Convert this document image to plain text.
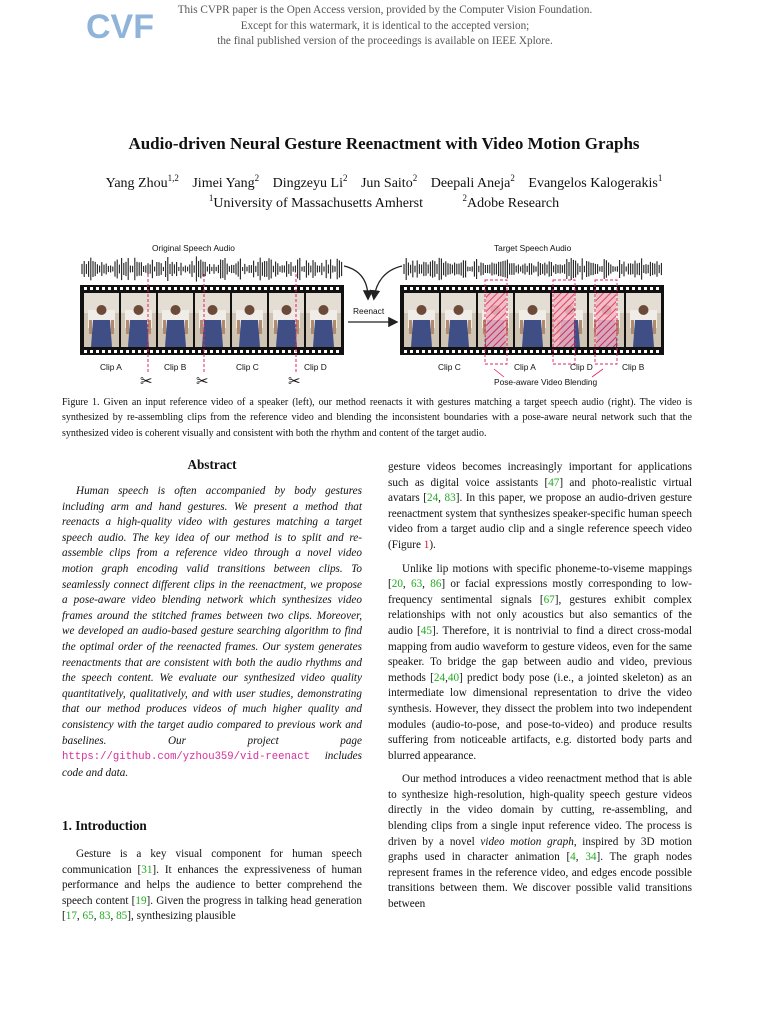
CVF	This CVPR paper is the Open Access version, provided by the Computer Vision Foundation.
Except for this watermark, it is identical to the accepted version;
the final published version of the proceedings is available on IEEE Xplore.
Audio-driven Neural Gesture Reenactment with Video Motion Graphs
Yang Zhou$^{1,2}$ Jimei Yang$^2$ Dingzeyu Li$^2$ Jun Saito$^2$ Deepali Aneja$^2$ Evangelos Kalogerakis$^1$
$^1$University of Massachusetts Amherst	$^2$Adobe Research
Original Speech Audio	Target Speech Audio
Reenact
Clip A	Clip B	Clip C	Clip D	Clip C	Clip A	Clip D	Clip B
✂	✂	✂	Pose-aware Video Blending
Figure 1. Given an input reference video of a speaker (left), our method reenacts it with gestures matching a target speech audio (right). The video is synthesized by re-assembling clips from the reference video and blending the inconsistent boundaries with a pose-aware neural network such that the synthesized video is coherent visually and consistent with both the rhythm and content of the target audio.
Abstract

Human speech is often accompanied by body gestures including arm and hand gestures. We present a method that reenacts a high-quality video with gestures matching a target speech audio. The key idea of our method is to split and re-assemble clips from a reference video through a novel video motion graph encoding valid transitions between clips. To seamlessly connect different clips in the reenactment, we propose a pose-aware video blending network which synthesizes video frames around the stitched frames between two clips. Moreover, we developed an audio-based gesture searching algorithm to find the optimal order of the reenacted frames. Our system generates reenactments that are consistent with both the audio rhythms and the speech content. We evaluate our synthesized video quality quantitatively, qualitatively, and with user studies, demonstrating that our method produces videos of much higher quality and consistency with the target audio compared to previous work and baselines. Our project page https://github.com/yzhou359/vid-reenact includes code and data.

1. Introduction

Gesture is a key visual component for human speech communication [31]. It enhances the expressiveness of human performance and helps the audience to better comprehend the speech content [19]. Given the progress in talking head generation [17, 65, 83, 85], synthesizing plausible

gesture videos becomes increasingly important for applications such as digital voice assistants [47] and photo-realistic virtual avatars [24, 83]. In this paper, we propose an audio-driven gesture reenactment system that synthesizes speaker-specific human speech video from a target audio clip and a single reference speech video (Figure 1).

Unlike lip motions with specific phoneme-to-viseme mappings [20, 63, 86] or facial expressions mostly corresponding to low-frequency sentimental signals [67], gestures exhibit complex relationships with not only acoustics but also semantics of the audio [45]. Therefore, it is nontrivial to find a direct cross-modal mapping from audio waveform to gesture videos, even for the same speaker. To bridge the gap between audio and video, previous methods [24,40] predict body pose (i.e., a jointed skeleton) as an intermediate low dimensional representation to drive the video synthesis. However, they dissect the problem into two independent modules (audio-to-pose, and pose-to-video) and produce results suffering from noticeable artifacts, e.g. distorted body parts and blurred appearance.

Our method introduces a video reenactment method that is able to synthesize high-resolution, high-quality speech gesture videos directly in the video domain by cutting, re-assembling, and blending clips from a single input reference video. The process is driven by a novel video motion graph, inspired by 3D motion graphs used in character animation [4, 34]. The graph nodes represent frames in the reference video, and edges encode possible transitions between them. We discover possible valid transitions between
